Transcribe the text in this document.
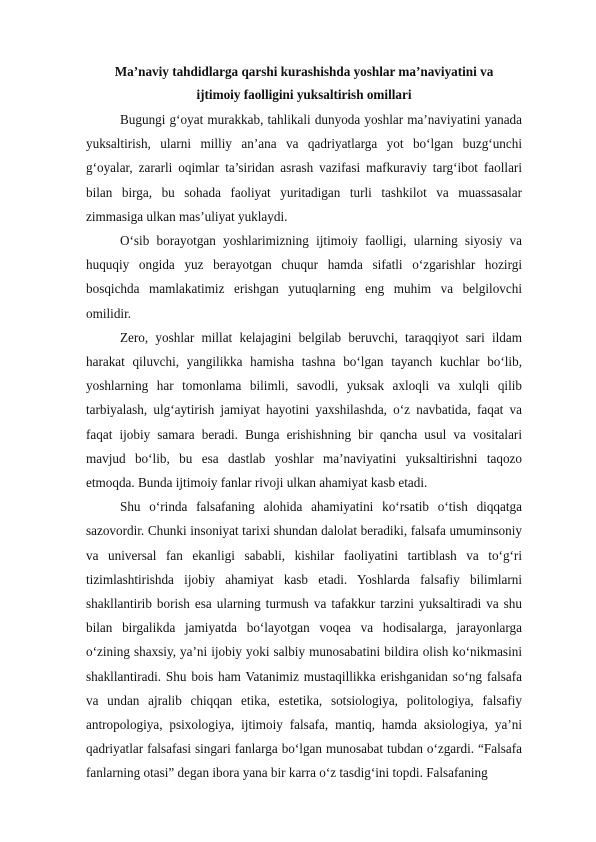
Ma’naviy tahdidlarga qarshi kurashishda yoshlar ma’naviyatini va
ijtimoiy faolligini yuksaltirish omillari

Bugungi g‘oyat murakkab, tahlikali dunyoda yoshlar ma’naviyatini yanada yuksaltirish, ularni milliy an’ana va qadriyatlarga yot bo‘lgan buzg‘unchi g‘oyalar, zararli oqimlar ta’siridan asrash vazifasi mafkuraviy targ‘ibot faollari bilan birga, bu sohada faoliyat yuritadigan turli tashkilot va muassasalar zimmasiga ulkan mas’uliyat yuklaydi.

O‘sib borayotgan yoshlarimizning ijtimoiy faolligi, ularning siyosiy va huquqiy ongida yuz berayotgan chuqur hamda sifatli o‘zgarishlar hozirgi bosqichda mamlakatimiz erishgan yutuqlarning eng muhim va belgilovchi omilidir.

Zero, yoshlar millat kelajagini belgilab beruvchi, taraqqiyot sari ildam harakat qiluvchi, yangilikka hamisha tashna bo‘lgan tayanch kuchlar bo‘lib, yoshlarning har tomonlama bilimli, savodli, yuksak axloqli va xulqli qilib tarbiyalash, ulg‘aytirish jamiyat hayotini yaxshilashda, o‘z navbatida, faqat va faqat ijobiy samara beradi. Bunga erishishning bir qancha usul va vositalari mavjud bo‘lib, bu esa dastlab yoshlar ma’naviyatini yuksaltirishni taqozo etmoqda. Bunda ijtimoiy fanlar rivoji ulkan ahamiyat kasb etadi.

Shu o‘rinda falsafaning alohida ahamiyatini ko‘rsatib o‘tish diqqatga sazovordir. Chunki insoniyat tarixi shundan dalolat beradiki, falsafa umuminsoniy va universal fan ekanligi sababli, kishilar faoliyatini tartiblash va to‘g‘ri tizimlashtirishda ijobiy ahamiyat kasb etadi. Yoshlarda falsafiy bilimlarni shakllantirib borish esa ularning turmush va tafakkur tarzini yuksaltiradi va shu bilan birgalikda jamiyatda bo‘layotgan voqea va hodisalarga, jarayonlarga o‘zining shaxsiy, ya’ni ijobiy yoki salbiy munosabatini bildira olish ko‘nikmasini shakllantiradi. Shu bois ham Vatanimiz mustaqillikka erishganidan so‘ng falsafa va undan ajralib chiqqan etika, estetika, sotsiologiya, politologiya, falsafiy antropologiya, psixologiya, ijtimoiy falsafa, mantiq, hamda aksiologiya, ya’ni qadriyatlar falsafasi singari fanlarga bo‘lgan munosabat tubdan o‘zgardi. “Falsafa fanlarning otasi” degan ibora yana bir karra o‘z tasdig‘ini topdi. Falsafaning
